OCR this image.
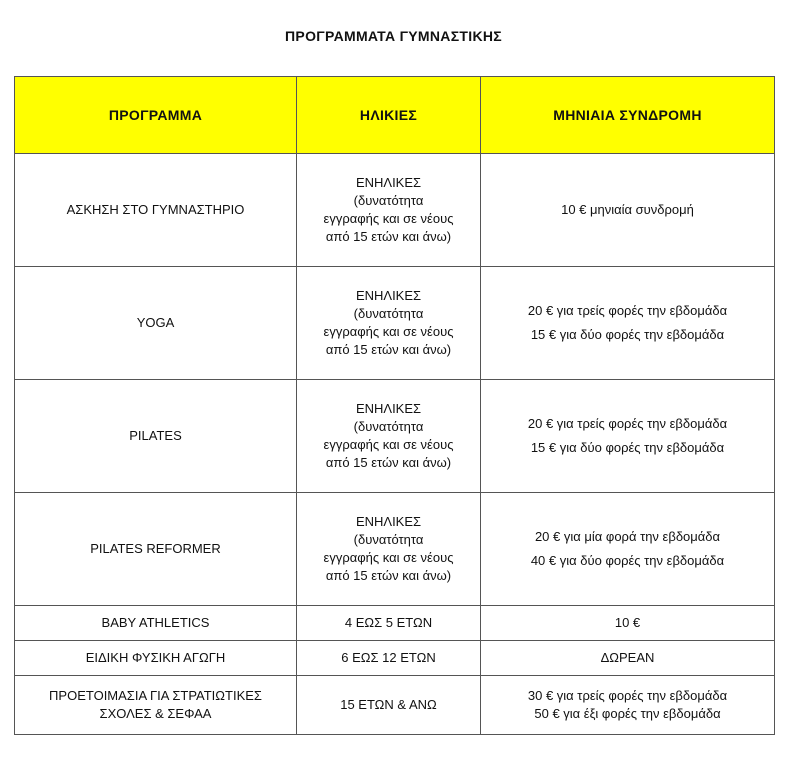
ΠΡΟΓΡΑΜΜΑΤΑ ΓΥΜΝΑΣΤΙΚΗΣ
ΠΡΟΓΡΑΜΜΑ	ΗΛΙΚΙΕΣ	ΜΗΝΙΑΙΑ ΣΥΝΔΡΟΜΗ
ΑΣΚΗΣΗ ΣΤΟ ΓΥΜΝΑΣΤΗΡΙΟ	ΕΝΗΛΙΚΕΣ
(δυνατότητα
εγγραφής και σε νέους
από 15 ετών και άνω)	10 € μηνιαία συνδρομή

YOGA	ΕΝΗΛΙΚΕΣ
(δυνατότητα
εγγραφής και σε νέους
από 15 ετών και άνω)	20 € για τρείς φορές την εβδομάδα
15 € για δύο φορές την εβδομάδα

PILATES	ΕΝΗΛΙΚΕΣ
(δυνατότητα
εγγραφής και σε νέους
από 15 ετών και άνω)	20 € για τρείς φορές την εβδομάδα
15 € για δύο φορές την εβδομάδα

PILATES REFORMER	ΕΝΗΛΙΚΕΣ
(δυνατότητα
εγγραφής και σε νέους
από 15 ετών και άνω)	20 € για μία φορά την εβδομάδα
40 € για δύο φορές την εβδομάδα

BABY ATHLETICS	4 ΕΩΣ 5 ΕΤΩΝ	10 €
ΕΙΔΙΚΗ ΦΥΣΙΚΗ ΑΓΩΓΗ	6 ΕΩΣ 12 ΕΤΩΝ	ΔΩΡΕΑΝ

ΠΡΟΕΤΟΙΜΑΣΙΑ ΓΙΑ ΣΤΡΑΤΙΩΤΙΚΕΣ
ΣΧΟΛΕΣ & ΣΕΦΑΑ	15 ΕΤΩΝ & ΑΝΩ	30 € για τρείς φορές την εβδομάδα
50 € για έξι φορές την εβδομάδα
